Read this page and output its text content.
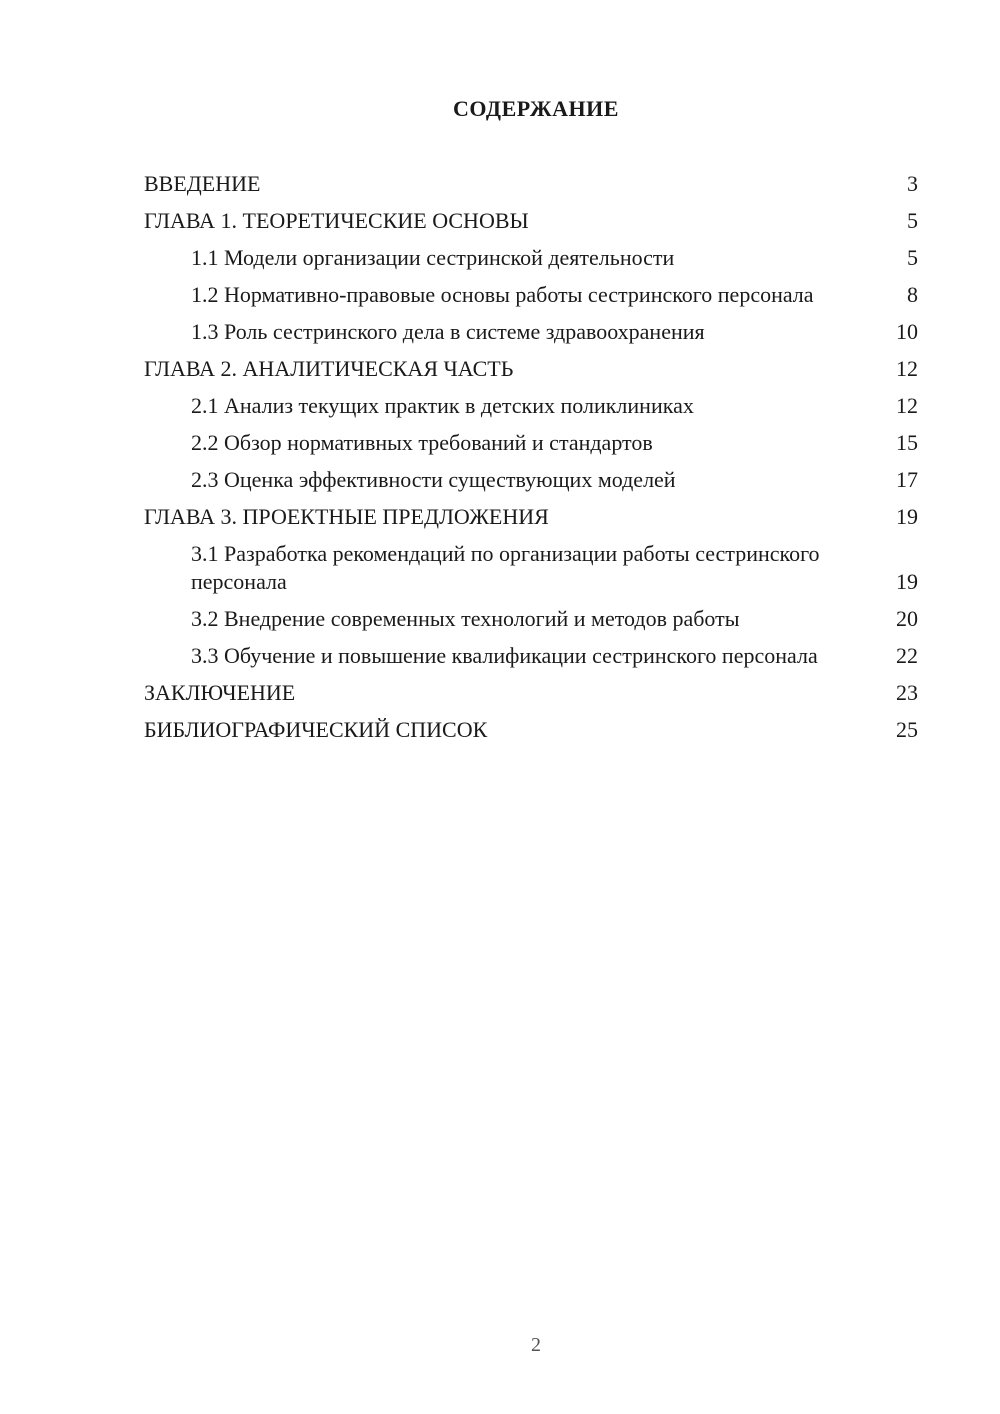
СОДЕРЖАНИЕ
ВВЕДЕНИЕ	3
ГЛАВА 1. ТЕОРЕТИЧЕСКИЕ ОСНОВЫ	5
1.1 Модели организации сестринской деятельности	5
1.2 Нормативно-правовые основы работы сестринского персонала	8
1.3 Роль сестринского дела в системе здравоохранения	10
ГЛАВА 2. АНАЛИТИЧЕСКАЯ ЧАСТЬ	12
2.1 Анализ текущих практик в детских поликлиниках	12
2.2 Обзор нормативных требований и стандартов	15
2.3 Оценка эффективности существующих моделей	17
ГЛАВА 3. ПРОЕКТНЫЕ ПРЕДЛОЖЕНИЯ	19
3.1 Разработка рекомендаций по организации работы сестринского персонала	19
3.2 Внедрение современных технологий и методов работы	20
3.3 Обучение и повышение квалификации сестринского персонала	22
ЗАКЛЮЧЕНИЕ	23
БИБЛИОГРАФИЧЕСКИЙ СПИСОК	25
2
